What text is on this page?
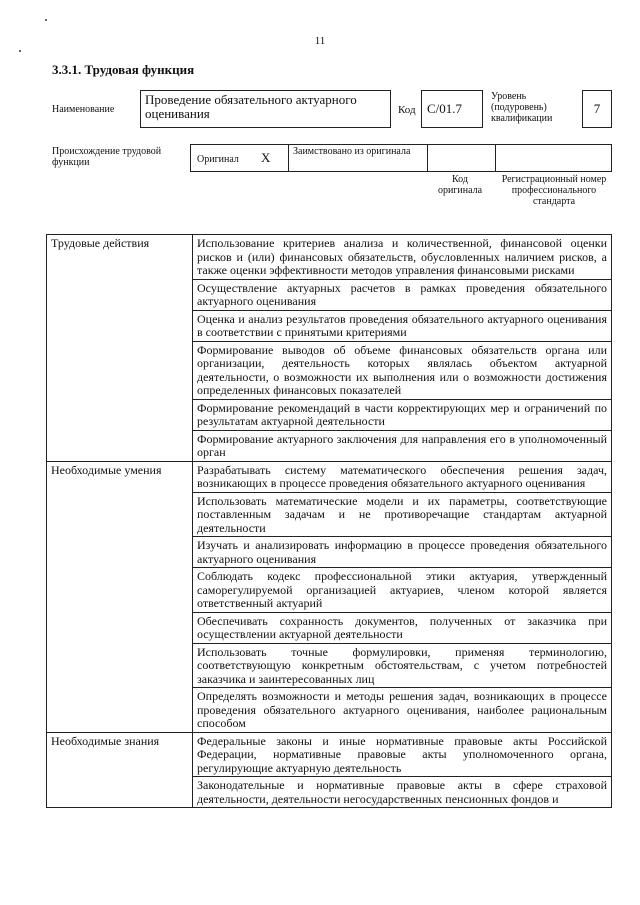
11
3.3.1. Трудовая функция
Наименование
Проведение обязательного актуарного оценивания	Код C/01.7
Уровень (подуровень) квалификации
7
Происхождение трудовой функции	Оригинал X Заимствовано из оригинала
Код оригинала
Регистрационный номер профессионального стандарта
Трудовые действия	Использование критериев анализа и количественной, финансовой оценки рисков и (или) финансовых обязательств, обусловленных наличием рисков, а также оценки эффективности методов управления финансовыми рисками
	Осуществление актуарных расчетов в рамках проведения обязательного актуарного оценивания
	Оценка и анализ результатов проведения обязательного актуарного оценивания в соответствии с принятыми критериями
	Формирование выводов об объеме финансовых обязательств органа или организации, деятельность которых являлась объектом актуарной деятельности, о возможности их выполнения или о возможности достижения определенных финансовых показателей
	Формирование рекомендаций в части корректирующих мер и ограничений по результатам актуарной деятельности
	Формирование актуарного заключения для направления его в уполномоченный орган
Необходимые умения	Разрабатывать систему математического обеспечения решения задач, возникающих в процессе проведения обязательного актуарного оценивания
	Использовать математические модели и их параметры, соответствующие поставленным задачам и не противоречащие стандартам актуарной деятельности
	Изучать и анализировать информацию в процессе проведения обязательного актуарного оценивания
	Соблюдать кодекс профессиональной этики актуария, утвержденный саморегулируемой организацией актуариев, членом которой является ответственный актуарий
	Обеспечивать сохранность документов, полученных от заказчика при осуществлении актуарной деятельности
	Использовать точные формулировки, применяя терминологию, соответствующую конкретным обстоятельствам, с учетом потребностей заказчика и заинтересованных лиц
	Определять возможности и методы решения задач, возникающих в процессе проведения обязательного актуарного оценивания, наиболее рациональным способом
Необходимые знания	Федеральные законы и иные нормативные правовые акты Российской Федерации, нормативные правовые акты уполномоченного органа, регулирующие актуарную деятельность
	Законодательные и нормативные правовые акты в сфере страховой деятельности, деятельности негосударственных пенсионных фондов и
